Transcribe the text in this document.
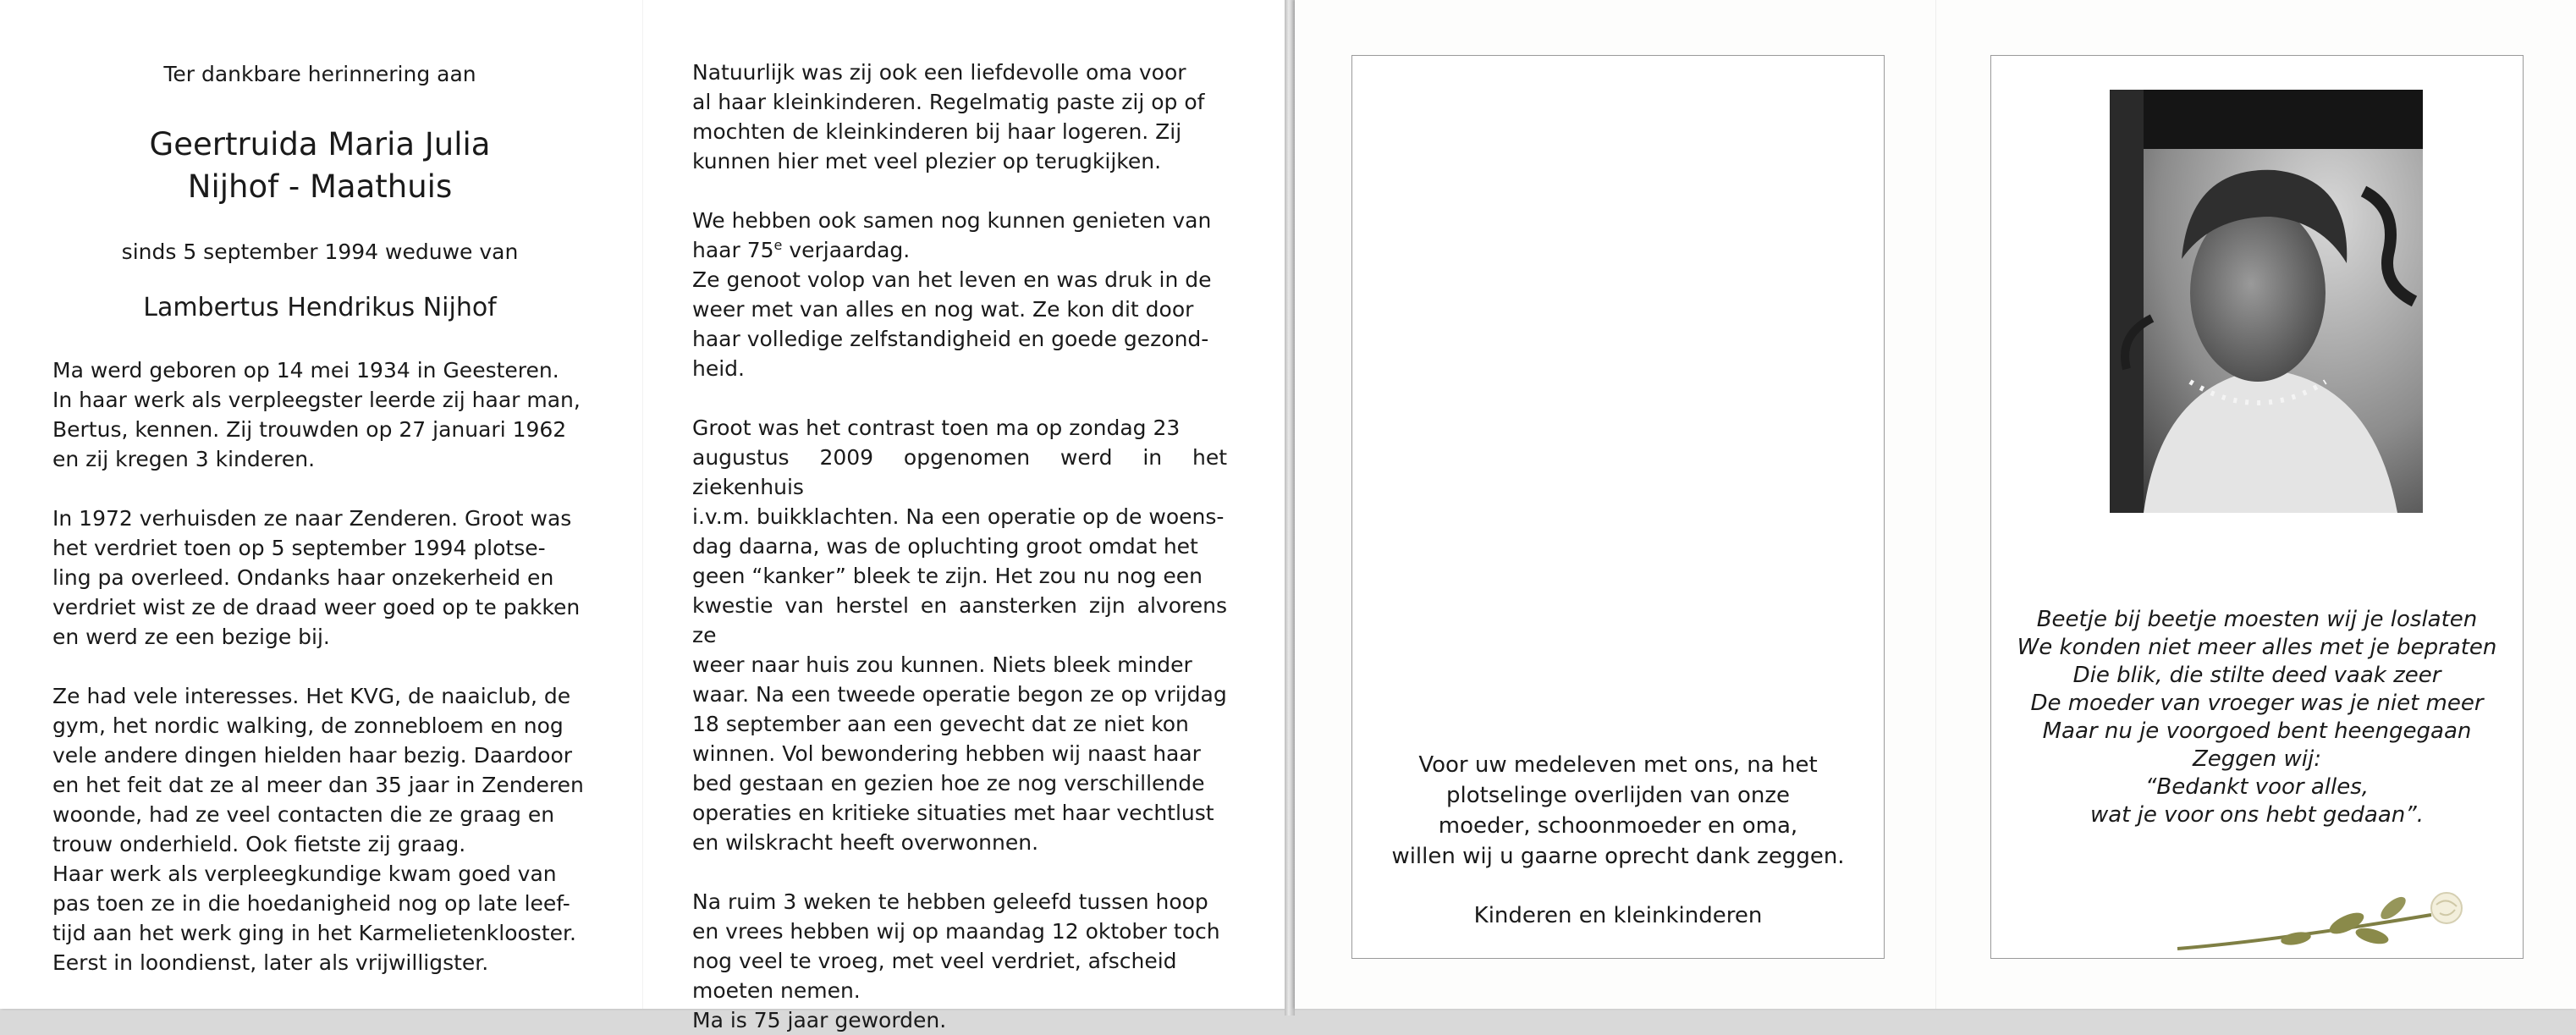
Ter dankbare herinnering aan
Geertruida Maria Julia
Nijhof - Maathuis
sinds 5 september 1994 weduwe van
Lambertus Hendrikus Nijhof

Ma werd geboren op 14 mei 1934 in Geesteren.

In haar werk als verpleegster leerde zij haar man,

Bertus, kennen. Zij trouwden op 27 januari 1962

en zij kregen 3 kinderen.

In 1972 verhuisden ze naar Zenderen. Groot was

het verdriet toen op 5 september 1994 plotse-

ling pa overleed. Ondanks haar onzekerheid en

verdriet wist ze de draad weer goed op te pakken

en werd ze een bezige bij.

Ze had vele interesses. Het KVG, de naaiclub, de

gym, het nordic walking, de zonnebloem en nog

vele andere dingen hielden haar bezig. Daardoor

en het feit dat ze al meer dan 35 jaar in Zenderen

woonde, had ze veel contacten die ze graag en

trouw onderhield. Ook fietste zij graag.

Haar werk als verpleegkundige kwam goed van

pas toen ze in die hoedanigheid nog op late leef-

tijd aan het werk ging in het Karmelietenklooster.

Eerst in loondienst, later als vrijwilligster.

Natuurlijk was zij ook een liefdevolle oma voor

al haar kleinkinderen. Regelmatig paste zij op of

mochten de kleinkinderen bij haar logeren. Zij

kunnen hier met veel plezier op terugkijken.

We hebben ook samen nog kunnen genieten van

haar 75e verjaardag.

Ze genoot volop van het leven en was druk in de

weer met van alles en nog wat. Ze kon dit door

haar volledige zelfstandigheid en goede gezond-

heid.

Groot was het contrast toen ma op zondag 23

augustus 2009 opgenomen werd in het ziekenhuis

i.v.m. buikklachten. Na een operatie op de woens-

dag daarna, was de opluchting groot omdat het

geen “kanker” bleek te zijn. Het zou nu nog een

kwestie van herstel en aansterken zijn alvorens ze

weer naar huis zou kunnen. Niets bleek minder

waar. Na een tweede operatie begon ze op vrijdag

18 september aan een gevecht dat ze niet kon

winnen. Vol bewondering hebben wij naast haar

bed gestaan en gezien hoe ze nog verschillende

operaties en kritieke situaties met haar vechtlust

en wilskracht heeft overwonnen.

Na ruim 3 weken te hebben geleefd tussen hoop

en vrees hebben wij op maandag 12 oktober toch

nog veel te vroeg, met veel verdriet, afscheid

moeten nemen.

Ma is 75 jaar geworden.

Voor uw medeleven met ons, na het
plotselinge overlijden van onze
moeder, schoonmoeder en oma,
willen wij u gaarne oprecht dank zeggen.
Kinderen en kleinkinderen
Beetje bij beetje moesten wij je loslaten
We konden niet meer alles met je bepraten
Die blik, die stilte deed vaak zeer
De moeder van vroeger was je niet meer
Maar nu je voorgoed bent heengegaan
Zeggen wij:
“Bedankt voor alles,
wat je voor ons hebt gedaan”.
